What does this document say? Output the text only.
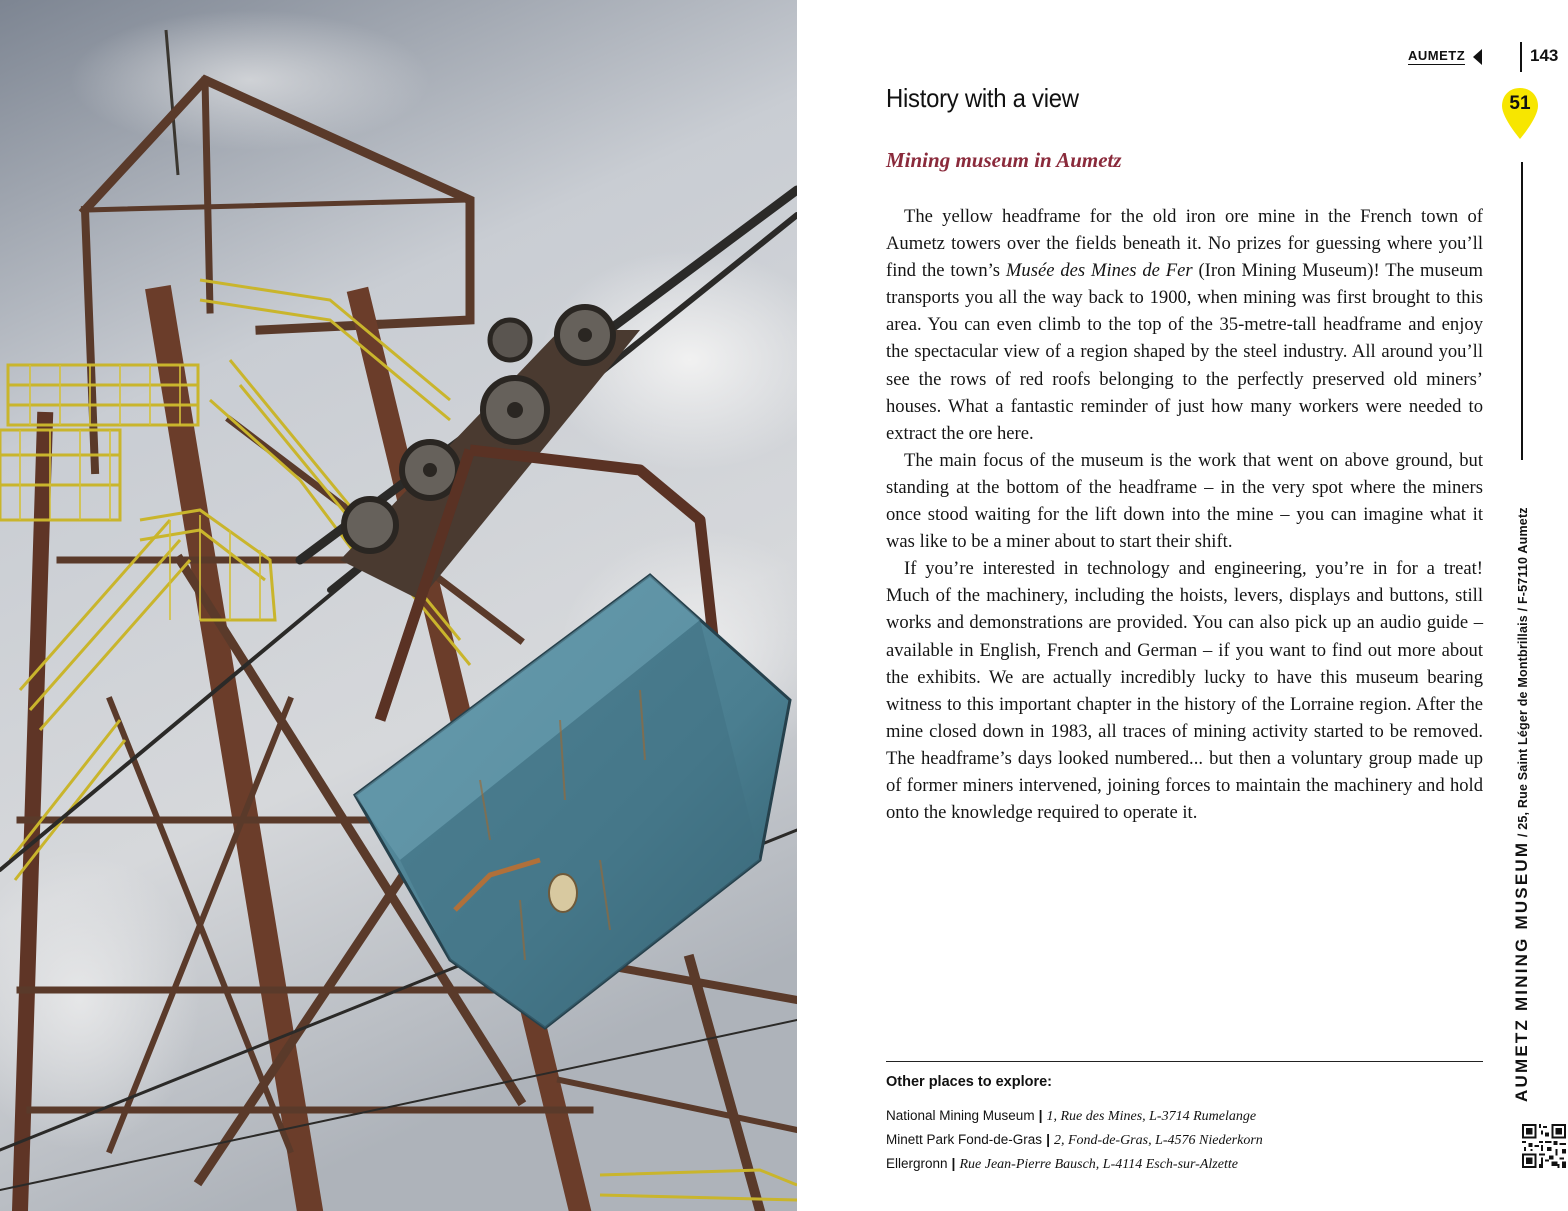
AUMETZ	143
51
AUMETZ MINING MUSEUM / 25, Rue Saint Léger de Montbrillais / F-57110 Aumetz
History with a view
Mining museum in Aumetz

The yellow headframe for the old iron ore mine in the French town of Aumetz towers over the fields beneath it. No prizes for guessing where you’ll find the town’s Musée des Mines de Fer (Iron Mining Museum)! The museum transports you all the way back to 1900, when mining was first brought to this area. You can even climb to the top of the 35-metre-tall headframe and enjoy the spectacular view of a region shaped by the steel industry. All around you’ll see the rows of red roofs belonging to the perfectly preserved old miners’ houses. What a fantastic reminder of just how many workers were needed to extract the ore here.

The main focus of the museum is the work that went on above ground, but standing at the bottom of the headframe – in the very spot where the miners once stood waiting for the lift down into the mine – you can imagine what it was like to be a miner about to start their shift.

If you’re interested in technology and engineering, you’re in for a treat! Much of the machinery, including the hoists, levers, displays and buttons, still works and demonstrations are provided. You can also pick up an audio guide – available in English, French and German – if you want to find out more about the exhibits. We are actually incredibly lucky to have this museum bearing witness to this important chapter in the history of the Lorraine region. After the mine closed down in 1983, all traces of mining activity started to be removed. The headframe’s days looked numbered... but then a voluntary group made up of former miners intervened, joining forces to maintain the machinery and hold onto the knowledge required to operate it.

Other places to explore:
National Mining Museum | 1, Rue des Mines, L-3714 Rumelange
Minett Park Fond-de-Gras | 2, Fond-de-Gras, L-4576 Niederkorn
Ellergronn | Rue Jean-Pierre Bausch, L-4114 Esch-sur-Alzette
